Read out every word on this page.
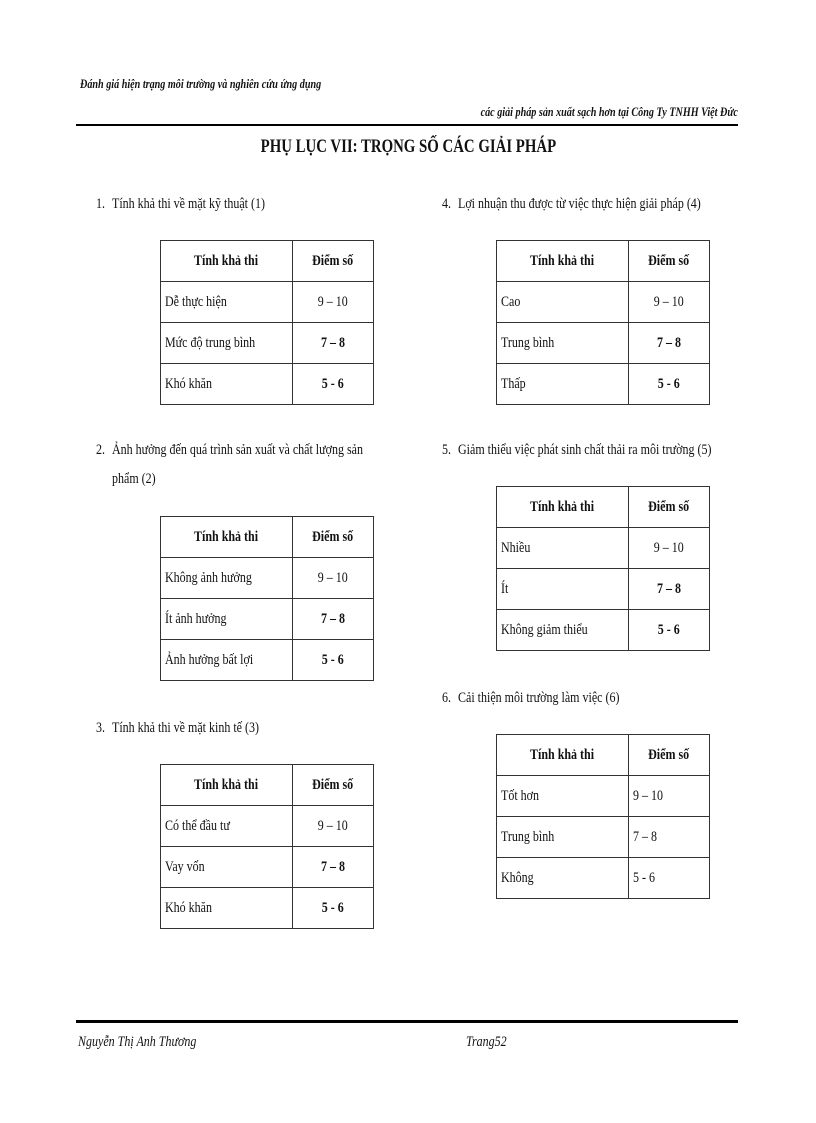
Đánh giá hiện trạng môi trường và nghiên cứu ứng dụng
các giải pháp sản xuất sạch hơn tại Công Ty TNHH Việt Đức
PHỤ LỤC VII: TRỌNG SỐ CÁC GIẢI PHÁP
1. Tính khả thi về mặt kỹ thuật (1)
Tính khả thi	Điểm số
Dễ thực hiện	9 – 10
Mức độ trung bình	7 – 8
Khó khăn	5 - 6
2. Ảnh hưởng đến quá trình sản xuất và chất lượng sản
phẩm (2)
Tính khả thi	Điểm số
Không ảnh hưởng	9 – 10
Ít ảnh hưởng	7 – 8
Ảnh hưởng bất lợi	5 - 6
3. Tính khả thi về mặt kinh tế (3)
Tính khả thi	Điểm số
Có thể đầu tư	9 – 10
Vay vốn	7 – 8
Khó khăn	5 - 6
4. Lợi nhuận thu được từ việc thực hiện giải pháp (4)
Tính khả thi	Điểm số
Cao	9 – 10
Trung bình	7 – 8
Thấp	5 - 6
5. Giảm thiểu việc phát sinh chất thải ra môi trường (5)
Tính khả thi	Điểm số
Nhiều	9 – 10
Ít	7 – 8
Không giảm thiểu	5 - 6
6. Cải thiện môi trường làm việc (6)
Tính khả thi	Điểm số
Tốt hơn	9 – 10
Trung bình	7 – 8
Không	5 - 6
Nguyễn Thị Anh Thương	Trang52
